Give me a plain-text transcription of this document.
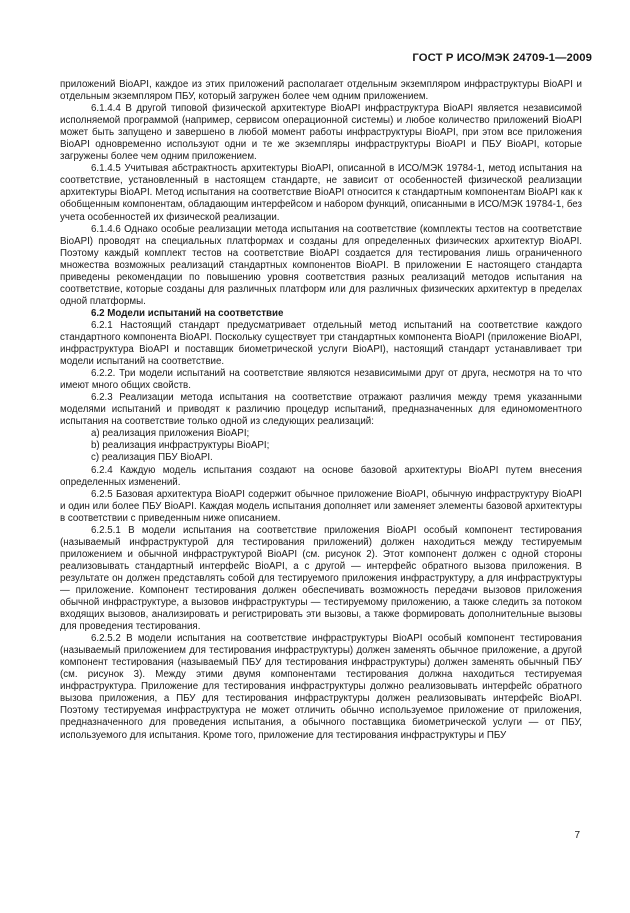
ГОСТ Р ИСО/МЭК 24709-1—2009

приложений BioAPI, каждое из этих приложений располагает отдельным экземпляром инфраструктуры BioAPI и отдельным экземпляром ПБУ, который загружен более чем одним приложением.

6.1.4.4 В другой типовой физической архитектуре BioAPI инфраструктура BioAPI является независимой исполняемой программой (например, сервисом операционной системы) и любое количество приложений BioAPI может быть запущено и завершено в любой момент работы инфраструктуры BioAPI, при этом все приложения BioAPI одновременно используют одни и те же экземпляры инфраструктуры BioAPI и ПБУ BioAPI, которые загружены более чем одним приложением.

6.1.4.5 Учитывая абстрактность архитектуры BioAPI, описанной в ИСО/МЭК 19784-1, метод испытания на соответствие, установленный в настоящем стандарте, не зависит от особенностей физической реализации архитектуры BioAPI. Метод испытания на соответствие BioAPI относится к стандартным компонентам BioAPI как к обобщенным компонентам, обладающим интерфейсом и набором функций, описанными в ИСО/МЭК 19784-1, без учета особенностей их физической реализации.

6.1.4.6 Однако особые реализации метода испытания на соответствие (комплекты тестов на соответствие BioAPI) проводят на специальных платформах и созданы для определенных физических архитектур BioAPI. Поэтому каждый комплект тестов на соответствие BioAPI создается для тестирования лишь ограниченного множества возможных реализаций стандартных компонентов BioAPI. В приложении Е настоящего стандарта приведены рекомендации по повышению уровня соответствия разных реализаций методов испытания на соответствие, которые созданы для различных платформ или для различных физических архитектур в пределах одной платформы.

6.2 Модели испытаний на соответствие

6.2.1 Настоящий стандарт предусматривает отдельный метод испытаний на соответствие каждого стандартного компонента BioAPI. Поскольку существует три стандартных компонента BioAPI (приложение BioAPI, инфраструктура BioAPI и поставщик биометрической услуги BioAPI), настоящий стандарт устанавливает три модели испытаний на соответствие.

6.2.2. Три модели испытаний на соответствие являются независимыми друг от друга, несмотря на то что имеют много общих свойств.

6.2.3 Реализации метода испытания на соответствие отражают различия между тремя указанными моделями испытаний и приводят к различию процедур испытаний, предназначенных для единомоментного испытания на соответствие только одной из следующих реализаций:

a) реализация приложения BioAPI;

b) реализация инфраструктуры BioAPI;

c) реализация ПБУ BioAPI.

6.2.4 Каждую модель испытания создают на основе базовой архитектуры BioAPI путем внесения определенных изменений.

6.2.5 Базовая архитектура BioAPI содержит обычное приложение BioAPI, обычную инфраструктуру BioAPI и один или более ПБУ BioAPI. Каждая модель испытания дополняет или заменяет элементы базовой архитектуры в соответствии с приведенным ниже описанием.

6.2.5.1 В модели испытания на соответствие приложения BioAPI особый компонент тестирования (называемый инфраструктурой для тестирования приложений) должен находиться между тестируемым приложением и обычной инфраструктурой BioAPI (см. рисунок 2). Этот компонент должен с одной стороны реализовывать стандартный интерфейс BioAPI, а с другой — интерфейс обратного вызова приложения. В результате он должен представлять собой для тестируемого приложения инфраструктуру, а для инфраструктуры — приложение. Компонент тестирования должен обеспечивать возможность передачи вызовов приложения обычной инфраструктуре, а вызовов инфраструктуры — тестируемому приложению, а также следить за потоком входящих вызовов, анализировать и регистрировать эти вызовы, а также формировать дополнительные вызовы для проведения тестирования.

6.2.5.2 В модели испытания на соответствие инфраструктуры BioAPI особый компонент тестирования (называемый приложением для тестирования инфраструктуры) должен заменять обычное приложение, а другой компонент тестирования (называемый ПБУ для тестирования инфраструктуры) должен заменять обычный ПБУ (см. рисунок 3). Между этими двумя компонентами тестирования должна находиться тестируемая инфраструктура. Приложение для тестирования инфраструктуры должно реализовывать интерфейс обратного вызова приложения, а ПБУ для тестирования инфраструктуры должен реализовывать интерфейс BioAPI. Поэтому тестируемая инфраструктура не может отличить обычно используемое приложение от приложения, предназначенного для проведения испытания, а обычного поставщика биометрической услуги — от ПБУ, используемого для испытания. Кроме того, приложение для тестирования инфраструктуры и ПБУ

7
